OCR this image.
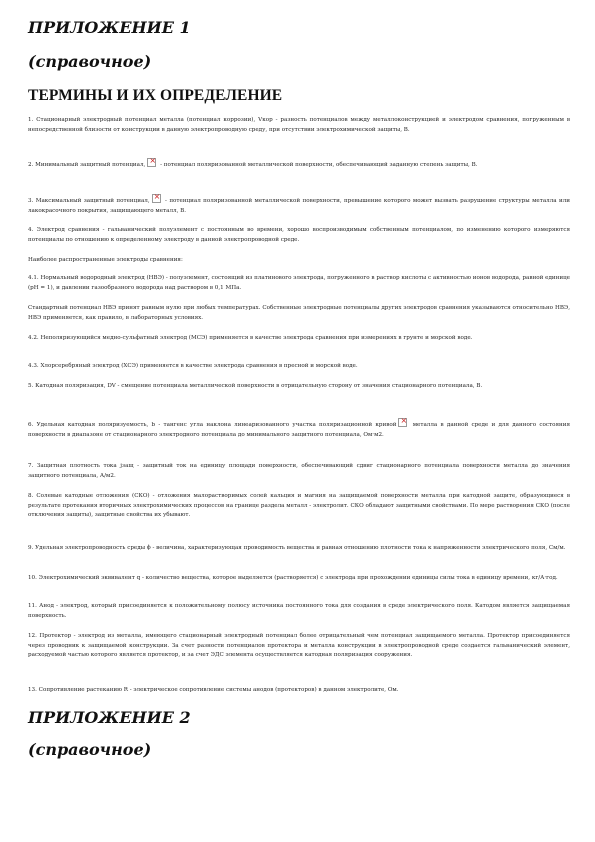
ПРИЛОЖЕНИЕ 1
(справочное)
ТЕРМИНЫ И ИХ ОПРЕДЕЛЕНИЕ

1. Стационарный электродный потенциал металла (потенциал коррозии), Vкор - разность потенциалов между металлоконструкцией и электродом сравнения, погруженным в непосредственной близости от конструкции в данную электропроводную среду, при отсутствии электрохимической защиты, В.

2. Минимальный защитный потенциал,× - потенциал поляризованной металлической поверхности, обеспечивающий заданную степень защиты, В.

3. Максимальный защитный потенциал,× - потенциал поляризованной металлической поверхности, превышение которого может вызвать разрушение структуры металла или лакокрасочного покрытия, защищающего металл, В.

4. Электрод сравнения - гальванический полуэлемент с постоянным во времени, хорошо воспроизводимым собственным потенциалом, по изменению которого измеряются потенциалы по отношению к определенному электроду в данной электропроводной среде.

Наиболее распространенные электроды сравнения:

4.1. Нормальный водородный электрод (НВЭ) - полуэлемент, состоящий из платинового электрода, погруженного в раствор кислоты с активностью ионов водорода, равной единице (рН = 1), и давлении газообразного водорода над раствором в 0,1 МПа.

Стандартный потенциал НВЭ принят равным нулю при любых температурах. Собственные электродные потенциалы других электродов сравнения указываются относительно НВЭ, НВЭ применяется, как правило, в лабораторных условиях.

4.2. Неполяризующийся медно-сульфатный электрод (МСЭ) применяется в качестве электрода сравнения при измерениях в грунте и морской воде.

4.3. Хлорсеребряный электрод (ХСЭ) применяется в качестве электрода сравнения в пресной и морской воде.

5. Катодная поляризация, DV - смещение потенциала металлической поверхности в отрицательную сторону от значения стационарного потенциала, В.

6. Удельная катодная поляризуемость, b - тангенс угла наклона линеаризованного участка поляризационной кривой× металла в данной среде и для данного состояния поверхности в диапазоне от стационарного электродного потенциала до минимального защитного потенциала, Ом·м2.

7. Защитная плотность тока jзащ - защитный ток на единицу площади поверхности, обеспечивающий сдвиг стационарного потенциала поверхности металла до значения защитного потенциала, А/м2.

8. Солевые катодные отложения (СКО) - отложения малорастворимых солей кальция и магния на защищаемой поверхности металла при катодной защите, образующиеся в результате протекания вторичных электрохимических процессов на границе раздела металл - электролит. СКО обладают защитными свойствами. По мере растворения СКО (после отключения защиты), защитные свойства их убывают.

9. Удельная электропроводность среды ϕ - величина, характеризующая проводимость вещества и равная отношению плотности тока к напряженности электрического поля, См/м.

10. Электрохимический эквивалент q - количество вещества, которое выделяется (растворяется) с электрода при прохождении единицы силы тока в единицу времени, кг/А·год.

11. Анод - электрод, который присоединяется к положительному полюсу источника постоянного тока для создания в среде электрического поля. Катодом является защищаемая поверхность.

12. Протектор - электрод из металла, имеющего стационарный электродный потенциал более отрицательный чем потенциал защищаемого металла. Протектор присоединяется через проводник к защищаемой конструкции. За счет разности потенциалов протектора и металла конструкции в электропроводной среде создается гальванический элемент, расходуемой частью которого является протектор, и за счет ЭДС элемента осуществляется катодная поляризация сооружения.

13. Сопротивление растеканию R - электрическое сопротивление системы анодов (протекторов) в данном электролите, Ом.

ПРИЛОЖЕНИЕ 2
(справочное)
